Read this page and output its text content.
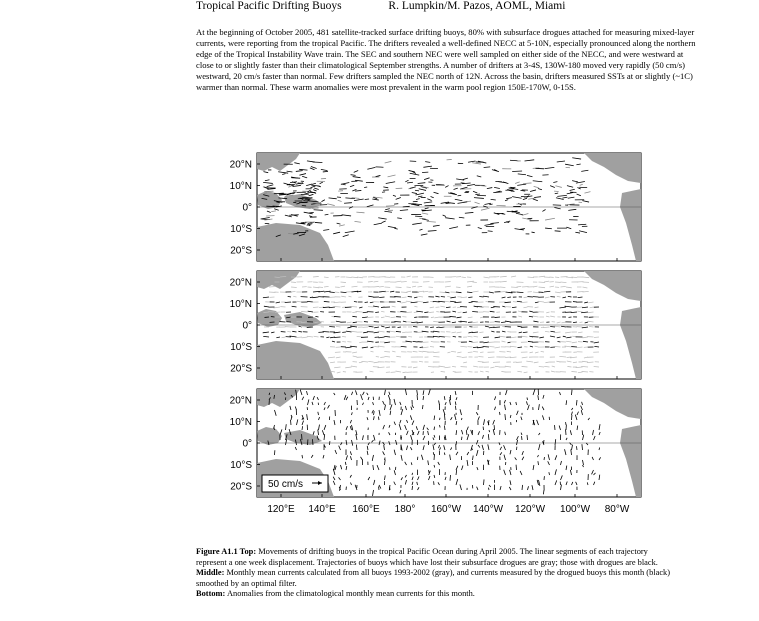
Tropical Pacific Drifting Buoys	R. Lumpkin/M. Pazos, AOML, Miami
At the beginning of October 2005, 481 satellite-tracked surface drifting buoys, 80% with subsurface drogues attached for measuring mixed-layer currents, were reporting from the tropical Pacific. The drifters revealed a well-defined NECC at 5-10N, especially pronounced along the northern edge of the Tropical Instability Wave train. The SEC and southern NEC were well sampled on either side of the NECC, and were westward at close to or slightly faster than their climatological September strengths. A number of drifters at 3-4S, 130W-180 moved very rapidly (50 cm/s) westward, 20 cm/s faster than normal. Few drifters sampled the NEC north of 12N. Across the basin, drifters measured SSTs at or slightly (~1C) warmer than normal. These warm anomalies were most prevalent in the warm pool region 150E-170W, 0-15S.
20°N
10°N
0°
10°S
20°S
20°N
10°N
0°
10°S
20°S
20°N
10°N
0°
10°S
20°S 50 cm/s
120°E 140°E 160°E 180° 160°W 140°W 120°W 100°W 80°W

Figure A1.1 Top: Movements of drifting buoys in the tropical Pacific Ocean during April 2005. The linear segments of each trajectory represent a one week displacement. Trajectories of buoys which have lost their subsurface drogues are gray; those with drogues are black.

Middle: Monthly mean currents calculated from all buoys 1993-2002 (gray), and currents measured by the drogued buoys this month (black) smoothed by an optimal filter.

Bottom: Anomalies from the climatological monthly mean currents for this month.
